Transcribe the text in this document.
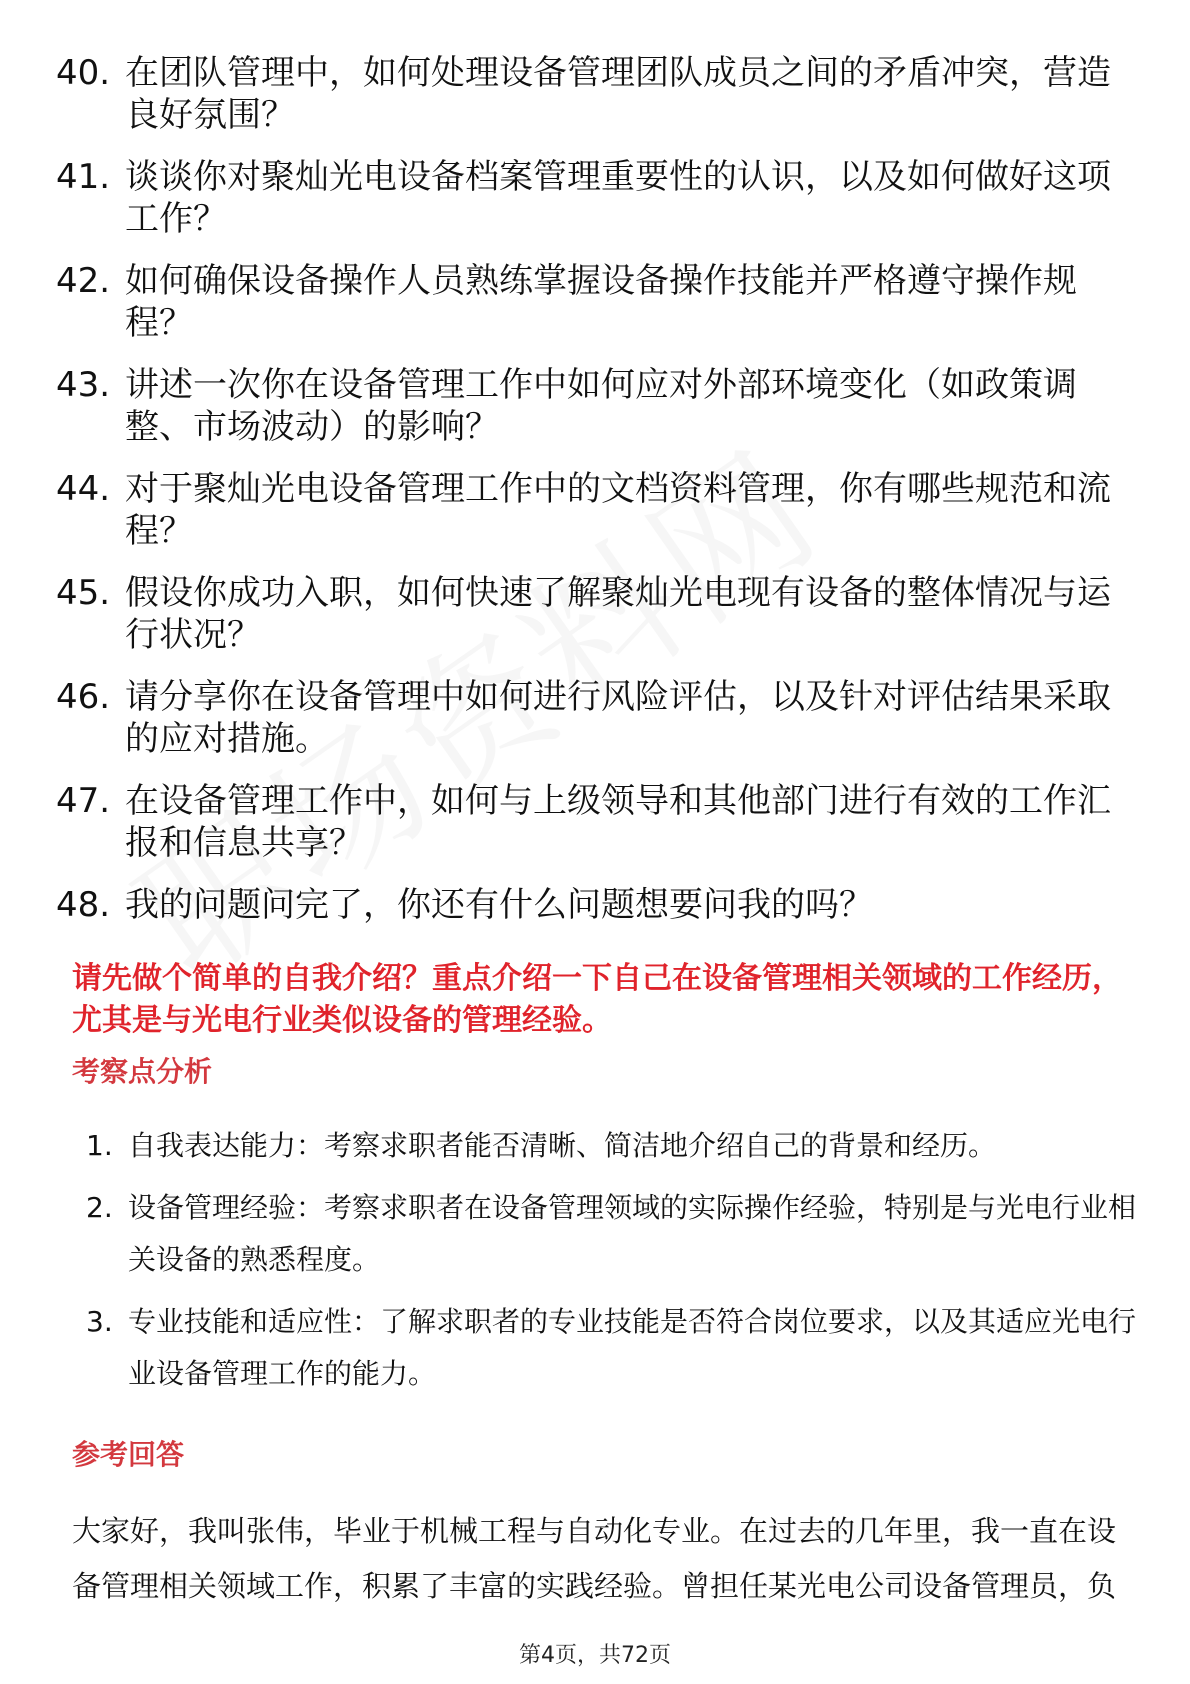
40. 在团队管理中，如何处理设备管理团队成员之间的矛盾冲突，营造良好氛围？
41. 谈谈你对聚灿光电设备档案管理重要性的认识，以及如何做好这项工作？
42. 如何确保设备操作人员熟练掌握设备操作技能并严格遵守操作规程？
43. 讲述一次你在设备管理工作中如何应对外部环境变化（如政策调整、市场波动）的影响？
44. 对于聚灿光电设备管理工作中的文档资料管理，你有哪些规范和流程？
45. 假设你成功入职，如何快速了解聚灿光电现有设备的整体情况与运行状况？
46. 请分享你在设备管理中如何进行风险评估，以及针对评估结果采取的应对措施。
47. 在设备管理工作中，如何与上级领导和其他部门进行有效的工作汇报和信息共享？
48. 我的问题问完了，你还有什么问题想要问我的吗？
请先做个简单的自我介绍？重点介绍一下自己在设备管理相关领域的工作经历，尤其是与光电行业类似设备的管理经验。
考察点分析
1. 自我表达能力：考察求职者能否清晰、简洁地介绍自己的背景和经历。
2. 设备管理经验：考察求职者在设备管理领域的实际操作经验，特别是与光电行业相关设备的熟悉程度。
3. 专业技能和适应性：了解求职者的专业技能是否符合岗位要求，以及其适应光电行业设备管理工作的能力。
参考回答
大家好，我叫张伟，毕业于机械工程与自动化专业。在过去的几年里，我一直在设备管理相关领域工作，积累了丰富的实践经验。曾担任某光电公司设备管理员，负
第4页，共72页
